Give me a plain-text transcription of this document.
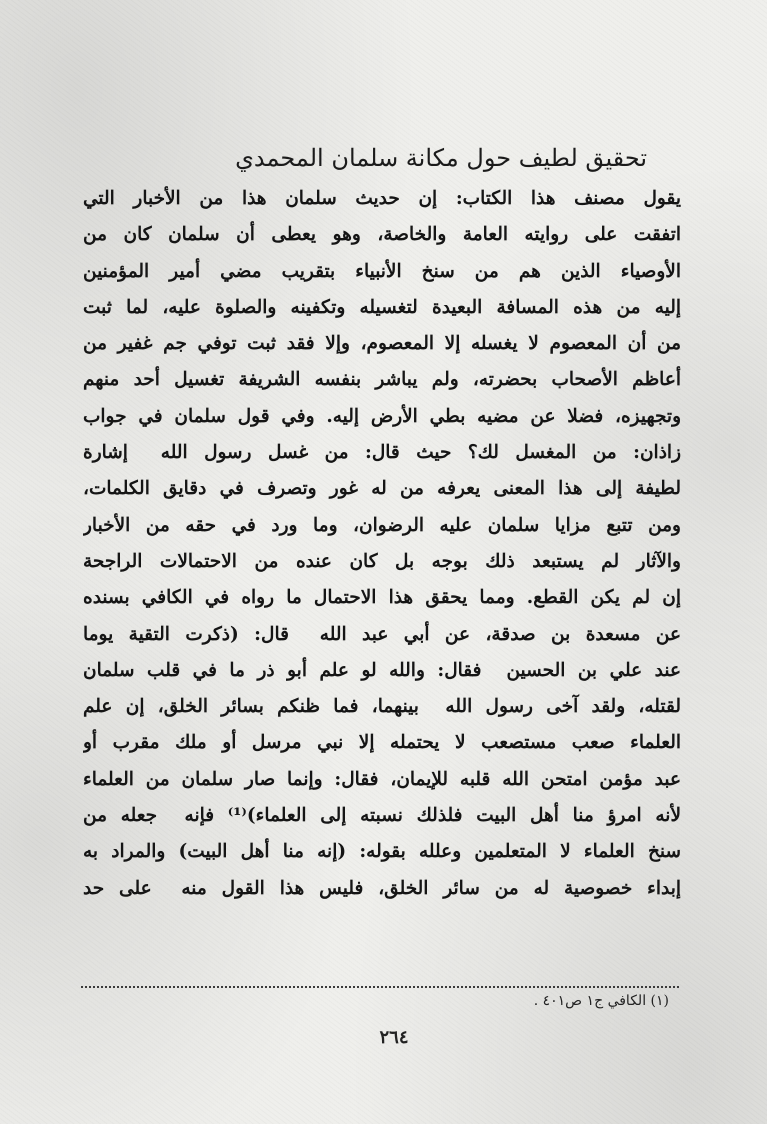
تحقيق لطيف حول مكانة سلمان المحمدي
يقول مصنف هذا الكتاب: إن حديث سلمان هذا من الأخبار التي
اتفقت على روايته العامة والخاصة، وهو يعطى أن سلمان كان من
الأوصياء الذين هم من سنخ الأنبياء بتقريب مضي أمير المؤمنين‏
إليه من هذه المسافة البعيدة لتغسيله وتكفينه والصلوة عليه، لما ثبت
من أن المعصوم لا يغسله إلا المعصوم، وإلا فقد ثبت توفي جم غفير من
أعاظم الأصحاب بحضرته، ولم يباشر بنفسه الشريفة تغسيل أحد منهم
وتجهيزه، فضلا عن مضيه بطي الأرض إليه. وفي قول سلمان في جواب
زاذان: من المغسل لك؟ حيث قال: من غسل رسول الله ‏ إشارة
لطيفة إلى هذا المعنى يعرفه من له غور وتصرف في دقايق الكلمات،
ومن تتبع مزايا سلمان عليه الرضوان، وما ورد في حقه من الأخبار
والآثار لم يستبعد ذلك بوجه بل كان عنده من الاحتمالات الراجحة
إن لم يكن القطع. ومما يحقق هذا الاحتمال ما رواه في الكافي بسنده
عن مسعدة بن صدقة، عن أبي عبد الله ‏ قال: (ذكرت التقية يوما
عند علي بن الحسين ‏ فقال: والله لو علم أبو ذر ما في قلب سلمان
لقتله، ولقد آخى رسول الله ‏ بينهما، فما ظنكم بسائر الخلق، إن علم
العلماء صعب مستصعب لا يحتمله إلا نبي مرسل أو ملك مقرب أو
عبد مؤمن امتحن الله قلبه للإيمان، فقال: وإنما صار سلمان من العلماء
لأنه امرؤ منا أهل البيت فلذلك نسبته إلى العلماء)⁽¹⁾ فإنه ‏ جعله من
سنخ العلماء لا المتعلمين وعلله بقوله: (إنه منا أهل البيت) والمراد به
إبداء خصوصية له من سائر الخلق، فليس هذا القول منه ‏ على حد
(١) الكافي ج١ ص٤٠١ .
٢٦٤
